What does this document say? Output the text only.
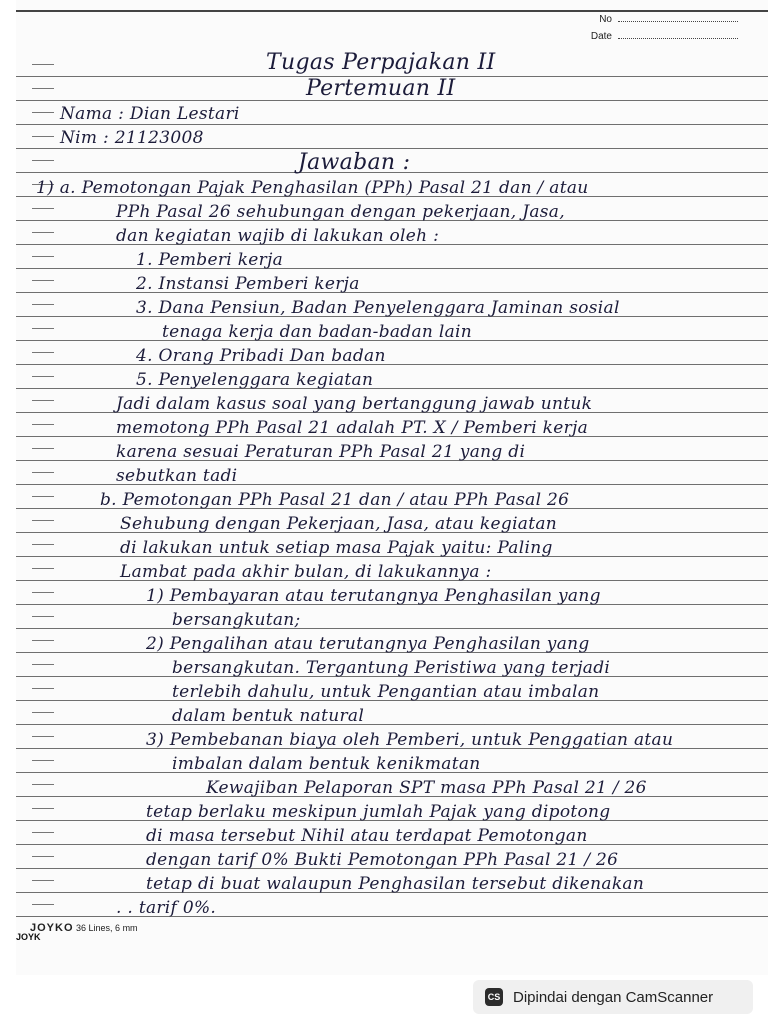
No
Date
Tugas Perpajakan II
Pertemuan II
Nama : Dian Lestari
Nim : 21123008
Jawaban :
1) a. Pemotongan Pajak Penghasilan (PPh) Pasal 21 dan / atau
PPh Pasal 26 sehubungan dengan pekerjaan, Jasa,
dan kegiatan wajib di lakukan oleh :
1. Pemberi kerja
2. Instansi Pemberi kerja
3. Dana Pensiun, Badan Penyelenggara Jaminan sosial
tenaga kerja dan badan-badan lain
4. Orang Pribadi Dan badan
5. Penyelenggara kegiatan
Jadi dalam kasus soal yang bertanggung jawab untuk
memotong PPh Pasal 21 adalah PT. X / Pemberi kerja
karena sesuai Peraturan PPh Pasal 21 yang di
sebutkan tadi
b. Pemotongan PPh Pasal 21 dan / atau PPh Pasal 26
Sehubung dengan Pekerjaan, Jasa, atau kegiatan
di lakukan untuk setiap masa Pajak yaitu: Paling
Lambat pada akhir bulan, di lakukannya :
1) Pembayaran atau terutangnya Penghasilan yang
bersangkutan;
2) Pengalihan atau terutangnya Penghasilan yang
bersangkutan. Tergantung Peristiwa yang terjadi
terlebih dahulu, untuk Pengantian atau imbalan
dalam bentuk natural
3) Pembebanan biaya oleh Pemberi, untuk Penggatian atau
imbalan dalam bentuk kenikmatan
Kewajiban Pelaporan SPT masa PPh Pasal 21 / 26
tetap berlaku meskipun jumlah Pajak yang dipotong
di masa tersebut Nihil atau terdapat Pemotongan
dengan tarif 0% Bukti Pemotongan PPh Pasal 21 / 26
tetap di buat walaupun Penghasilan tersebut dikenakan
. . tarif 0%.
JOYKO 36 Lines, 6 mm
JOYK
CS Dipindai dengan CamScanner
